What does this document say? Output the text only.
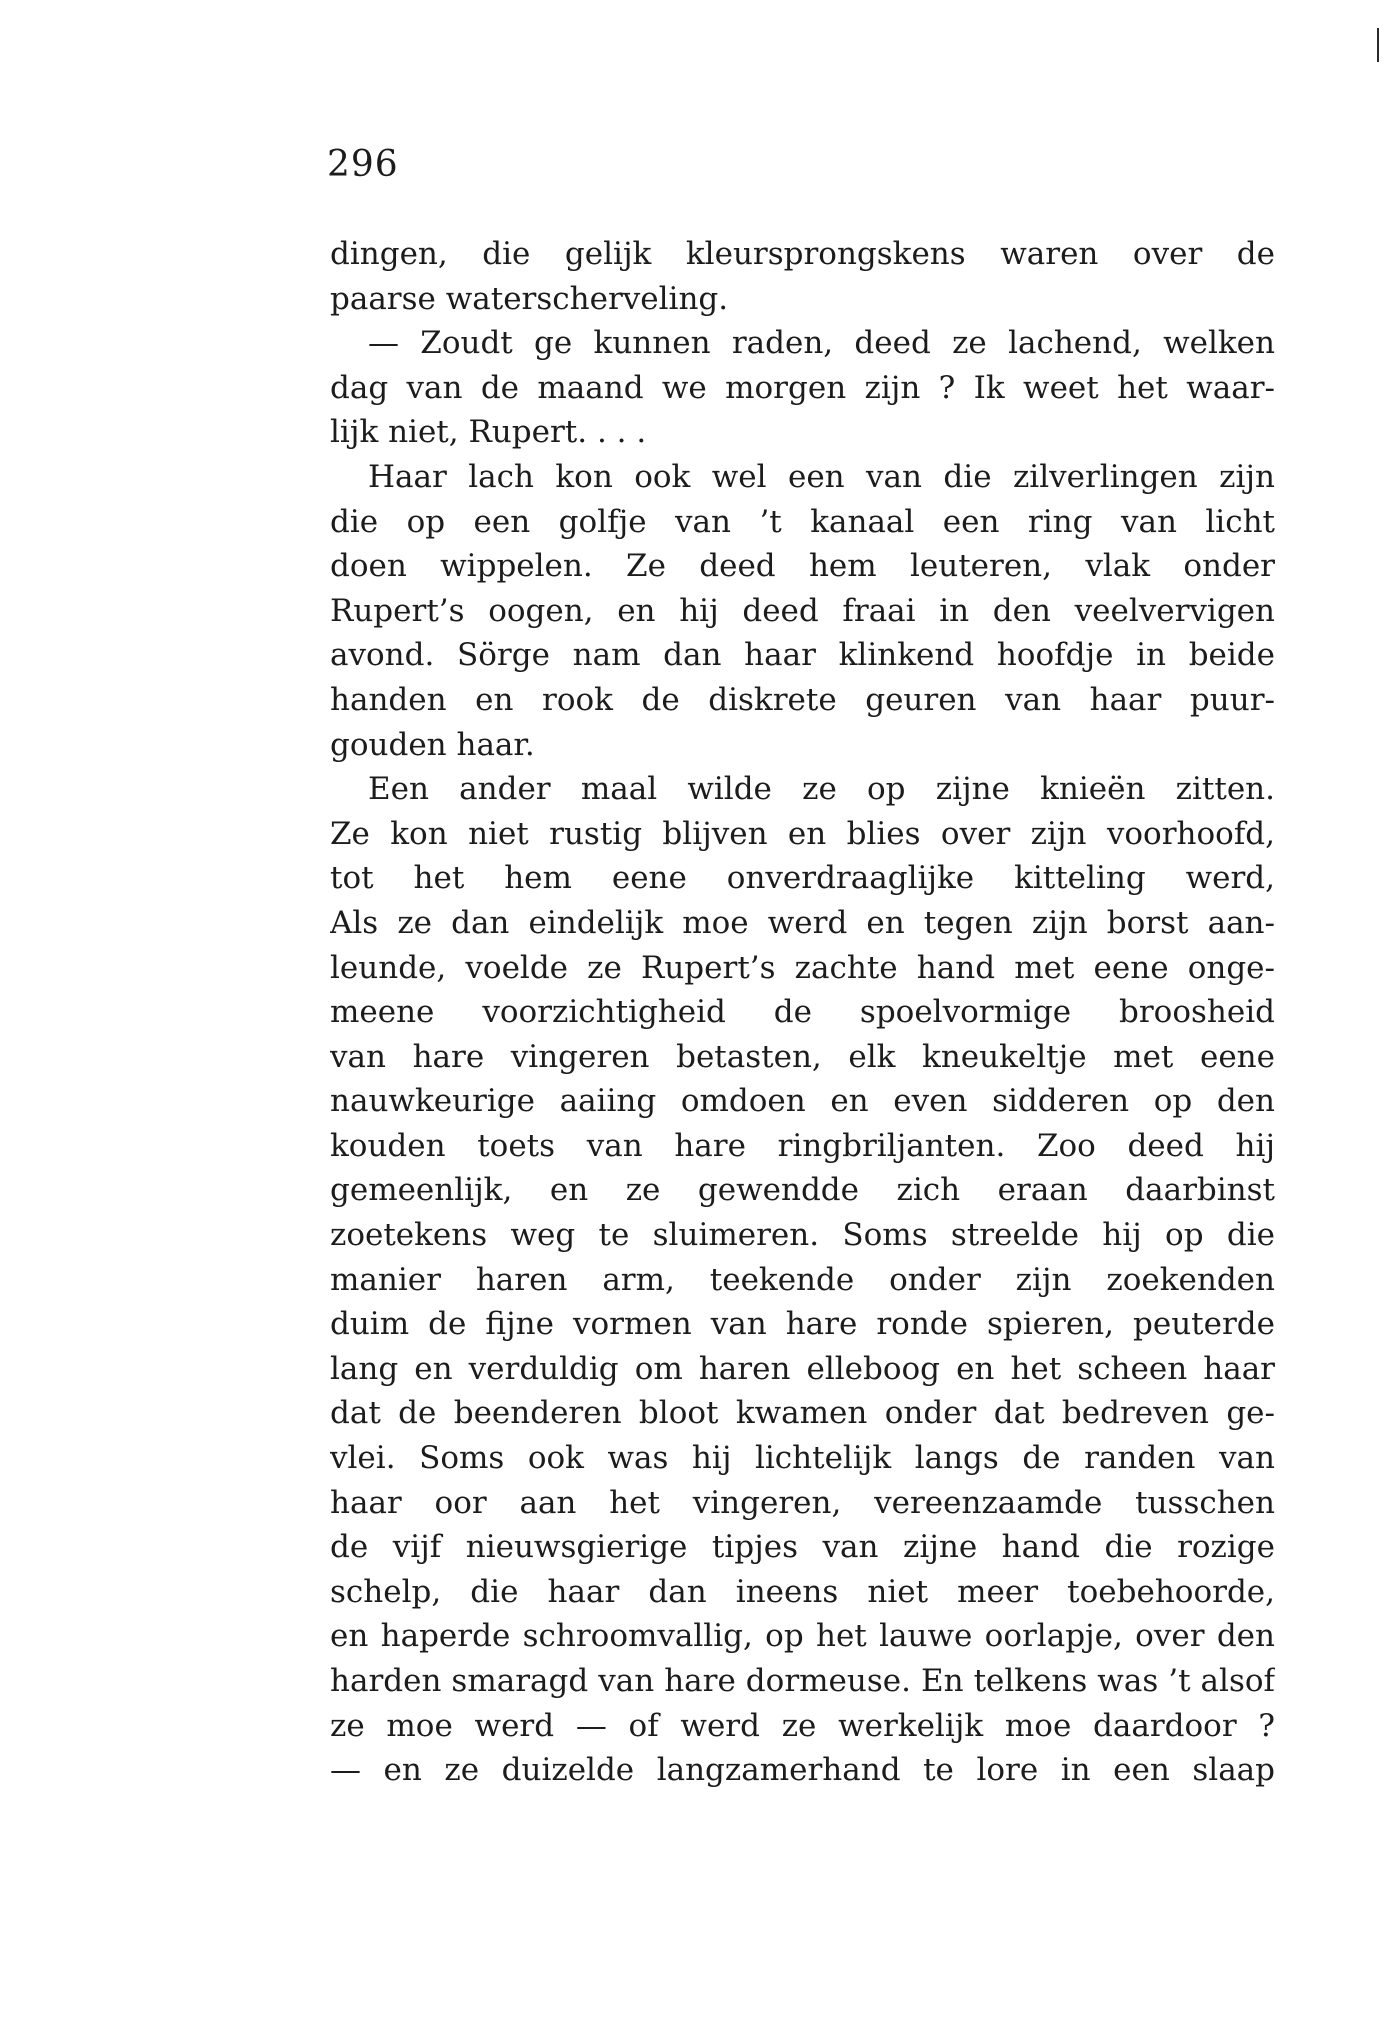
296
dingen, die gelijk kleursprongskens waren over de
paarse waterscherveling.
— Zoudt ge kunnen raden, deed ze lachend, welken
dag van de maand we morgen zijn ? Ik weet het waar-
lijk niet, Rupert. . . .
Haar lach kon ook wel een van die zilverlingen zijn
die op een golfje van ’t kanaal een ring van licht
doen wippelen. Ze deed hem leuteren, vlak onder
Rupert’s oogen, en hij deed fraai in den veelvervigen
avond. Sörge nam dan haar klinkend hoofdje in beide
handen en rook de diskrete geuren van haar puur-
gouden haar.
Een ander maal wilde ze op zijne knieën zitten.
Ze kon niet rustig blijven en blies over zijn voorhoofd,
tot het hem eene onverdraaglijke kitteling werd,
Als ze dan eindelijk moe werd en tegen zijn borst aan-
leunde, voelde ze Rupert’s zachte hand met eene onge-
meene voorzichtigheid de spoelvormige broosheid
van hare vingeren betasten, elk kneukeltje met eene
nauwkeurige aaiing omdoen en even sidderen op den
kouden toets van hare ringbriljanten. Zoo deed hij
gemeenlijk, en ze gewendde zich eraan daarbinst
zoetekens weg te sluimeren. Soms streelde hij op die
manier haren arm, teekende onder zijn zoekenden
duim de fijne vormen van hare ronde spieren, peuterde
lang en verduldig om haren elleboog en het scheen haar
dat de beenderen bloot kwamen onder dat bedreven ge-
vlei. Soms ook was hij lichtelijk langs de randen van
haar oor aan het vingeren, vereenzaamde tusschen
de vijf nieuwsgierige tipjes van zijne hand die rozige
schelp, die haar dan ineens niet meer toebehoorde,
en haperde schroomvallig, op het lauwe oorlapje, over den
harden smaragd van hare dormeuse. En telkens was ’t alsof
ze moe werd — of werd ze werkelijk moe daardoor ?
— en ze duizelde langzamerhand te lore in een slaap
